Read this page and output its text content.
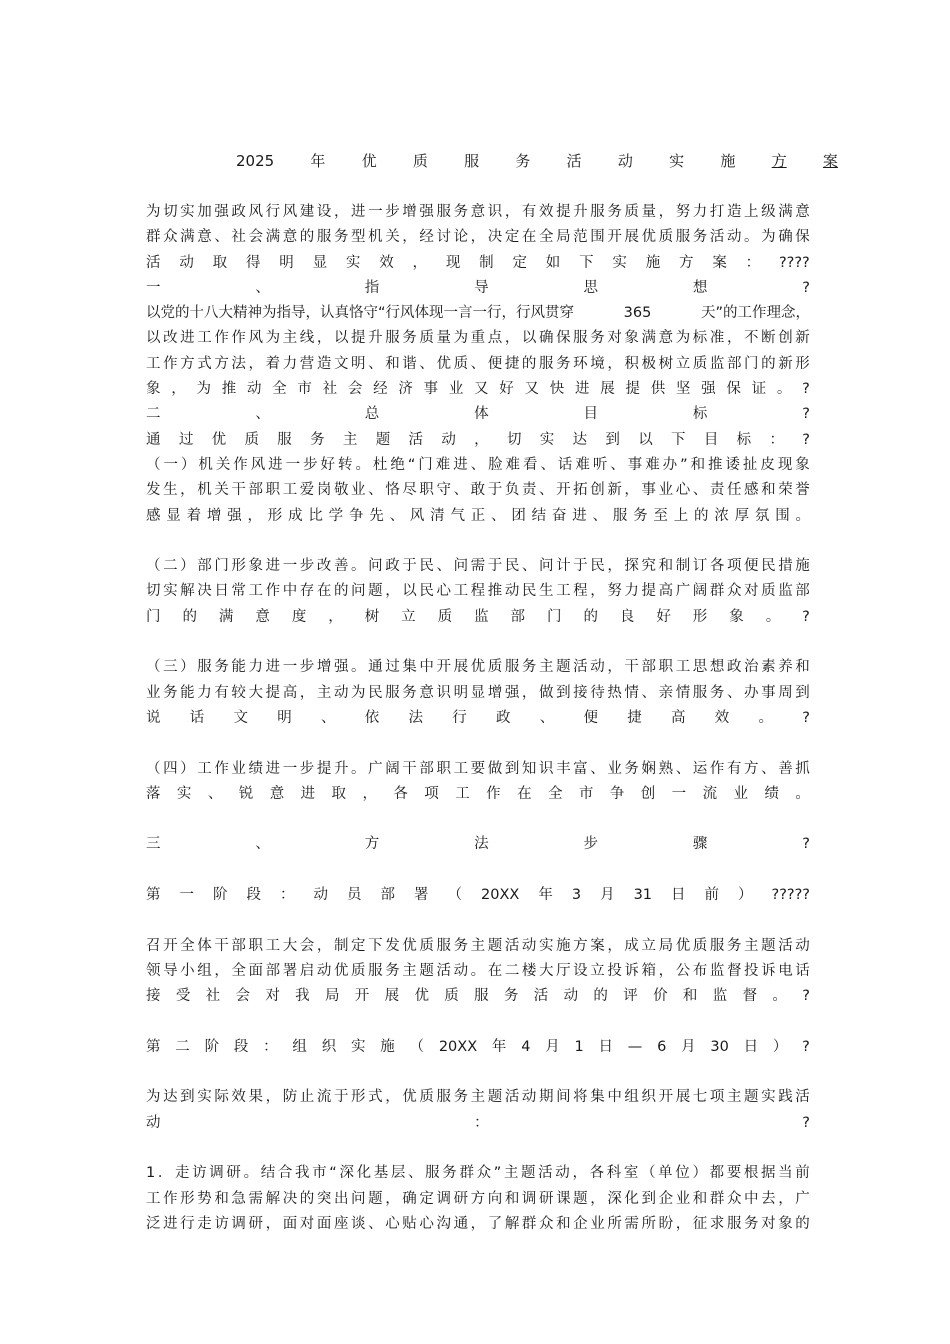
2025 年 优 质 服 务 活 动 实 施 方 案
为切实加强政风行风建设，进一步增强服务意识，有效提升服务质量，努力打造上级满意
群众满意、社会满意的服务型机关，经讨论，决定在全局范围开展优质服务活动。为确保
活 动 取 得 明 显 实 效 ， 现 制 定 如 下 实 施 方 案 ： ????
一	、	指	导	思	想	?
以党的十八大精神为指导，认真恪守“行风体现一言一行，行风贯穿	365	天”的工作理念，
以改进工作作风为主线，以提升服务质量为重点，以确保服务对象满意为标准，不断创新
工作方式方法，着力营造文明、和谐、优质、便捷的服务环境，积极树立质监部门的新形
象 ， 为 推 动 全 市 社 会 经 济 事 业 又 好 又 快 进 展 提 供 坚 强 保 证 。 ?
二	、	总	体	目	标	?
通 过 优 质 服 务 主 题 活 动 ， 切 实 达 到 以 下 目 标 ： ?
（一）机关作风进一步好转。杜绝“门难进、脸难看、话难听、事难办”和推诿扯皮现象
发生，机关干部职工爱岗敬业、恪尽职守、敢于负责、开拓创新，事业心、责任感和荣誉
感 显 着 增 强 ， 形 成 比 学 争 先 、 风 清 气 正 、 团 结 奋 进 、 服 务 至 上 的 浓 厚 氛 围 。
（二）部门形象进一步改善。问政于民、问需于民、问计于民，探究和制订各项便民措施
切实解决日常工作中存在的问题，以民心工程推动民生工程，努力提高广阔群众对质监部
门 的 满 意 度 ， 树 立 质 监 部 门 的 良 好 形 象 。 ?
（三）服务能力进一步增强。通过集中开展优质服务主题活动，干部职工思想政治素养和
业务能力有较大提高，主动为民服务意识明显增强，做到接待热情、亲情服务、办事周到
说 话 文 明 、 依 法 行 政 、 便 捷 高 效 。 ?
（四）工作业绩进一步提升。广阔干部职工要做到知识丰富、业务娴熟、运作有方、善抓
落 实 、 锐 意 进 取 ， 各 项 工 作 在 全 市 争 创 一 流 业 绩 。
三	、	方	法	步	骤	?
第 一 阶 段 ： 动 员 部 署 （ 20XX 年 3 月 31 日 前 ） ?????
召开全体干部职工大会，制定下发优质服务主题活动实施方案，成立局优质服务主题活动
领导小组，全面部署启动优质服务主题活动。在二楼大厅设立投诉箱，公布监督投诉电话
接 受 社 会 对 我 局 开 展 优 质 服 务 活 动 的 评 价 和 监 督 。 ?
第 二 阶 段 ： 组 织 实 施 （ 20XX 年 4 月 1 日 — 6 月 30 日 ） ?
为达到实际效果，防止流于形式，优质服务主题活动期间将集中组织开展七项主题实践活
动	：	?
1．走访调研。结合我市“深化基层、服务群众”主题活动，各科室（单位）都要根据当前
工作形势和急需解决的突出问题，确定调研方向和调研课题，深化到企业和群众中去，广
泛进行走访调研，面对面座谈、心贴心沟通，了解群众和企业所需所盼，征求服务对象的
